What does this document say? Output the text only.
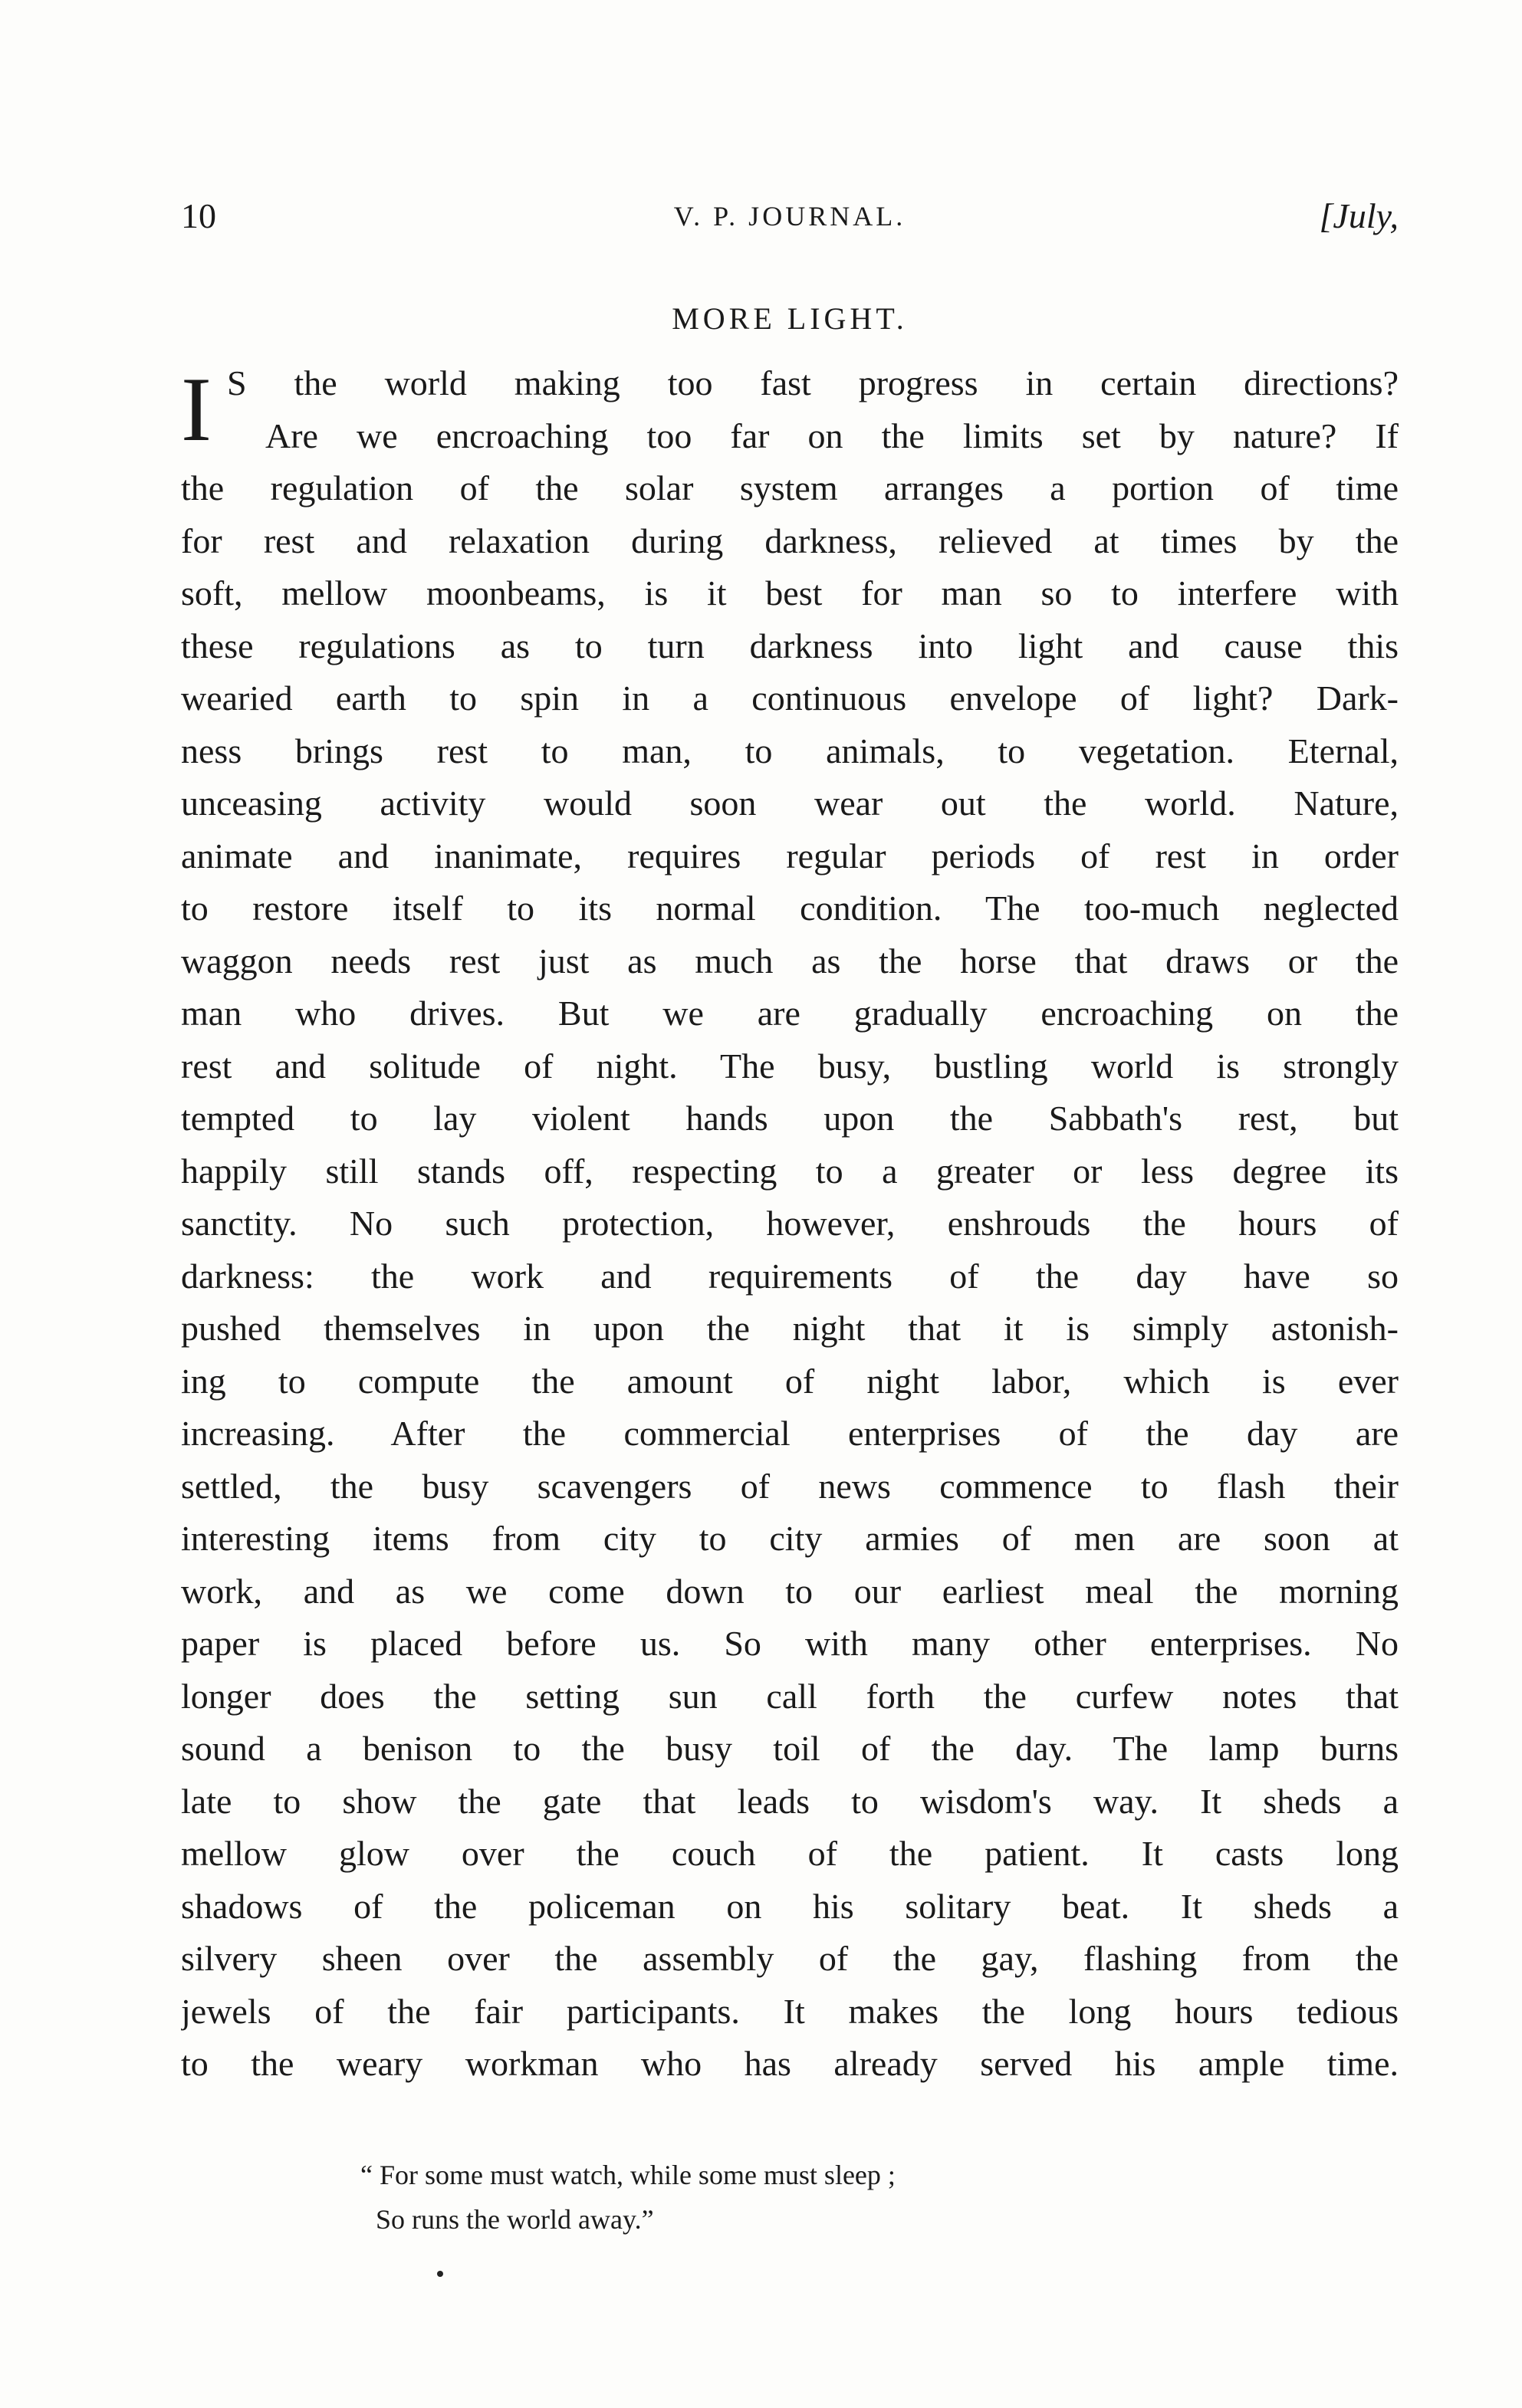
10	V. P. JOURNAL.	[July,
MORE LIGHT.
I S the world making too fast progress in certain directions?
Are we encroaching too far on the limits set by nature? If
the regulation of the solar system arranges a portion of time
for rest and relaxation during darkness, relieved at times by the
soft, mellow moonbeams, is it best for man so to interfere with
these regulations as to turn darkness into light and cause this
wearied earth to spin in a continuous envelope of light? Dark-
ness brings rest to man, to animals, to vegetation. Eternal,
unceasing activity would soon wear out the world. Nature,
animate and inanimate, requires regular periods of rest in order
to restore itself to its normal condition. The too-much neglected
waggon needs rest just as much as the horse that draws or the
man who drives. But we are gradually encroaching on the
rest and solitude of night. The busy, bustling world is strongly
tempted to lay violent hands upon the Sabbath's rest, but
happily still stands off, respecting to a greater or less degree its
sanctity. No such protection, however, enshrouds the hours of
darkness: the work and requirements of the day have so
pushed themselves in upon the night that it is simply astonish-
ing to compute the amount of night labor, which is ever
increasing. After the commercial enterprises of the day are
settled, the busy scavengers of news commence to flash their
interesting items from city to city armies of men are soon at
work, and as we come down to our earliest meal the morning
paper is placed before us. So with many other enterprises. No
longer does the setting sun call forth the curfew notes that
sound a benison to the busy toil of the day. The lamp burns
late to show the gate that leads to wisdom's way. It sheds a
mellow glow over the couch of the patient. It casts long
shadows of the policeman on his solitary beat. It sheds a
silvery sheen over the assembly of the gay, flashing from the
jewels of the fair participants. It makes the long hours tedious
to the weary workman who has already served his ample time.
“ For some must watch, while some must sleep ;
So runs the world away.”
